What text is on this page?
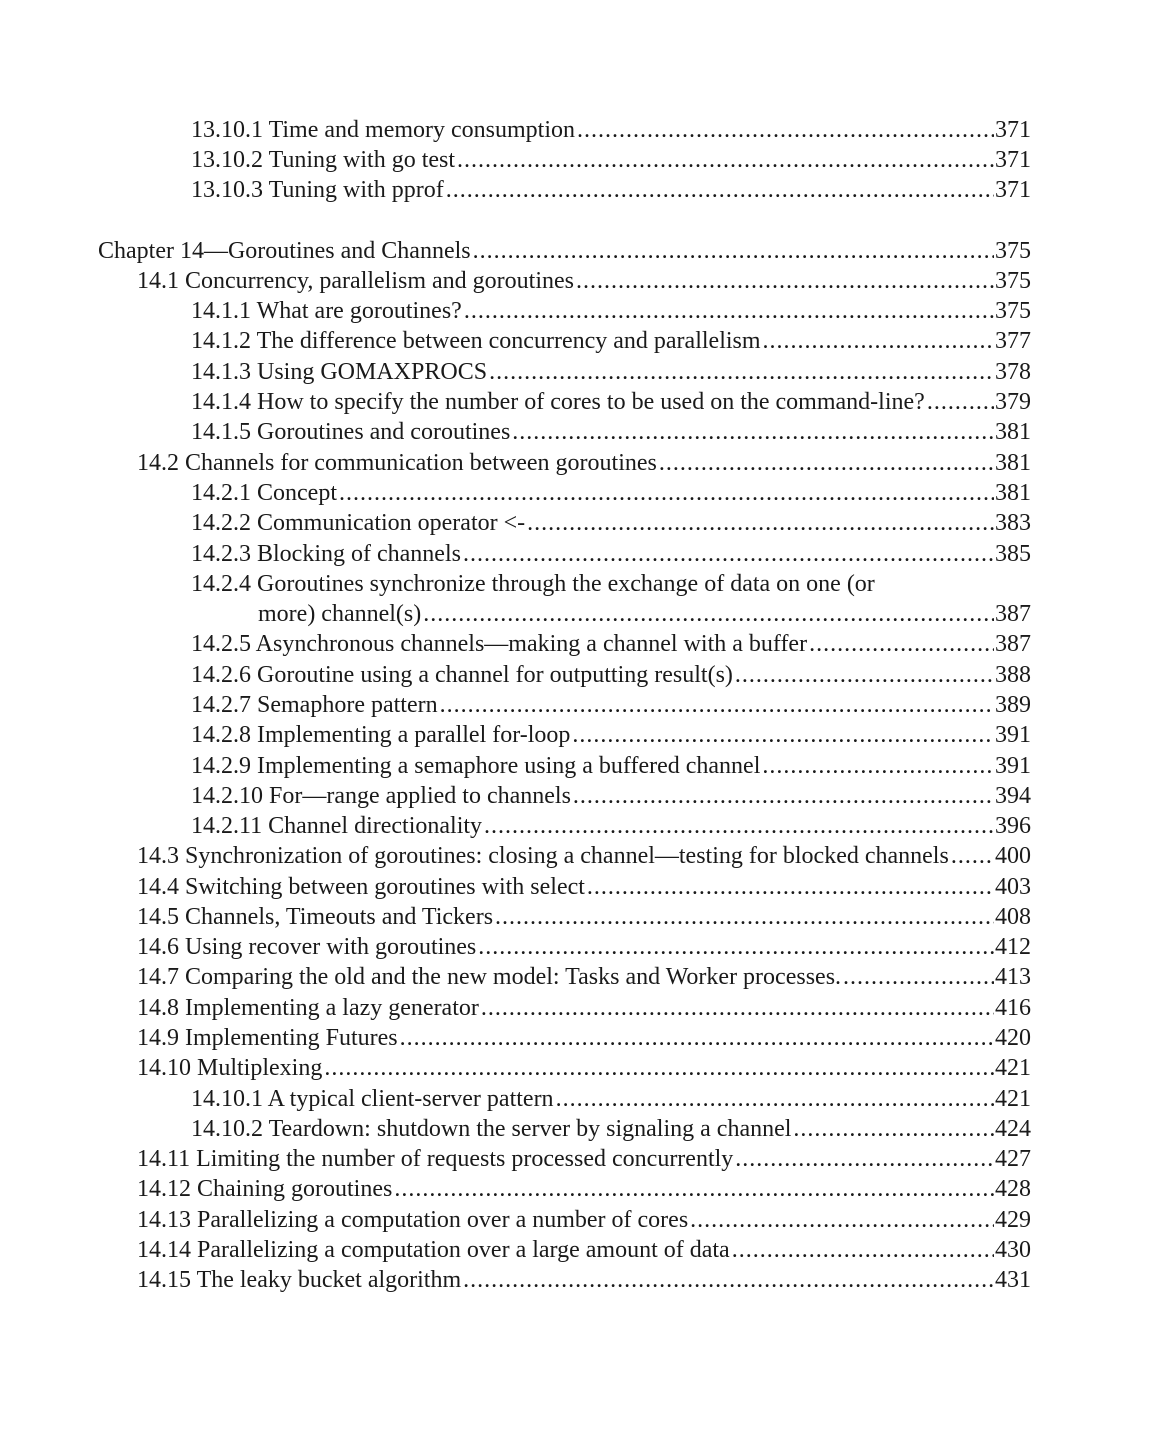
13.10.1 Time and memory consumption .....	371
13.10.2 Tuning with go test .....	371
13.10.3 Tuning with pprof .....	371
Chapter 14—Goroutines and Channels .....	375
14.1 Concurrency, parallelism and goroutines .....	375
14.1.1 What are goroutines? .....	375
14.1.2 The difference between concurrency and parallelism .....	377
14.1.3 Using GOMAXPROCS .....	378
14.1.4 How to specify the number of cores to be used on the command-line? .....	379
14.1.5 Goroutines and coroutines .....	381
14.2 Channels for communication between goroutines .....	381
14.2.1 Concept .....	381
14.2.2 Communication operator <- .....	383
14.2.3 Blocking of channels .....	385
14.2.4 Goroutines synchronize through the exchange of data on one (or
more) channel(s) .....	387
14.2.5 Asynchronous channels—making a channel with a buffer .....	387
14.2.6 Goroutine using a channel for outputting result(s) .....	388
14.2.7 Semaphore pattern .....	389
14.2.8 Implementing a parallel for-loop .....	391
14.2.9 Implementing a semaphore using a buffered channel .....	391
14.2.10 For—range applied to channels .....	394
14.2.11 Channel directionality .....	396
14.3 Synchronization of goroutines: closing a channel—testing for blocked channels ..... 400
14.4 Switching between goroutines with select .....	403
14.5 Channels, Timeouts and Tickers .....	408
14.6 Using recover with goroutines .....	412
14.7 Comparing the old and the new model: Tasks and Worker processes. .....	413
14.8 Implementing a lazy generator .....	416
14.9 Implementing Futures .....	420
14.10 Multiplexing .....	421
14.10.1 A typical client-server pattern .....	421
14.10.2 Teardown: shutdown the server by signaling a channel .....	424
14.11 Limiting the number of requests processed concurrently .....	427
14.12 Chaining goroutines .....	428
14.13 Parallelizing a computation over a number of cores .....	429
14.14 Parallelizing a computation over a large amount of data .....	430
14.15 The leaky bucket algorithm .....	431
